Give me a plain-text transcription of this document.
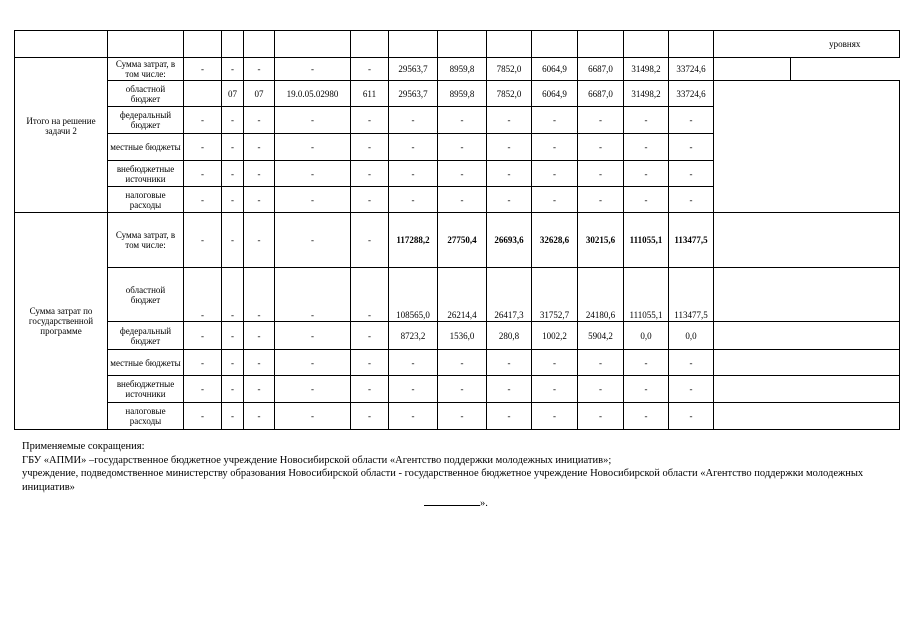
															уровнях	
Итого на решение задачи 2	Сумма затрат, в том числе:	-	-	-	-	-	29563,7	8959,8	7852,0	6064,9	6687,0	31498,2	33724,6			
	областной бюджет		07	07	19.0.05.02980	611	29563,7	8959,8	7852,0	6064,9	6687,0	31498,2	33724,6			
	федеральный бюджет	-	-	-	-	-	-	-	-	-	-	-	-			
	местные бюджеты	-	-	-	-	-	-	-	-	-	-	-	-			
	внебюджетные источники	-	-	-	-	-	-	-	-	-	-	-	-			
	налоговые расходы	-	-	-	-	-	-	-	-	-	-	-	-			
Сумма затрат по государственной программе	Сумма затрат, в том числе:	-	-	-	-	-	117288,2	27750,4	26693,6	32628,6	30215,6	111055,1	113477,5			
	областной бюджет	-	-	-	-	-	108565,0	26214,4	26417,3	31752,7	24180,6	111055,1	113477,5			
	федеральный бюджет	-	-	-	-	-	8723,2	1536,0	280,8	1002,2	5904,2	0,0	0,0			
	местные бюджеты	-	-	-	-	-	-	-	-	-	-	-	-			
	внебюджетные источники	-	-	-	-	-	-	-	-	-	-	-	-			
	налоговые расходы	-	-	-	-	-	-	-	-	-	-	-	-			

Применяемые сокращения:

ГБУ «АПМИ» –государственное бюджетное учреждение Новосибирской области «Агентство поддержки молодежных инициатив»;

учреждение, подведомственное министерству образования Новосибирской области - государственное бюджетное учреждение Новосибирской области «Агентство поддержки молодежных инициатив»

».
